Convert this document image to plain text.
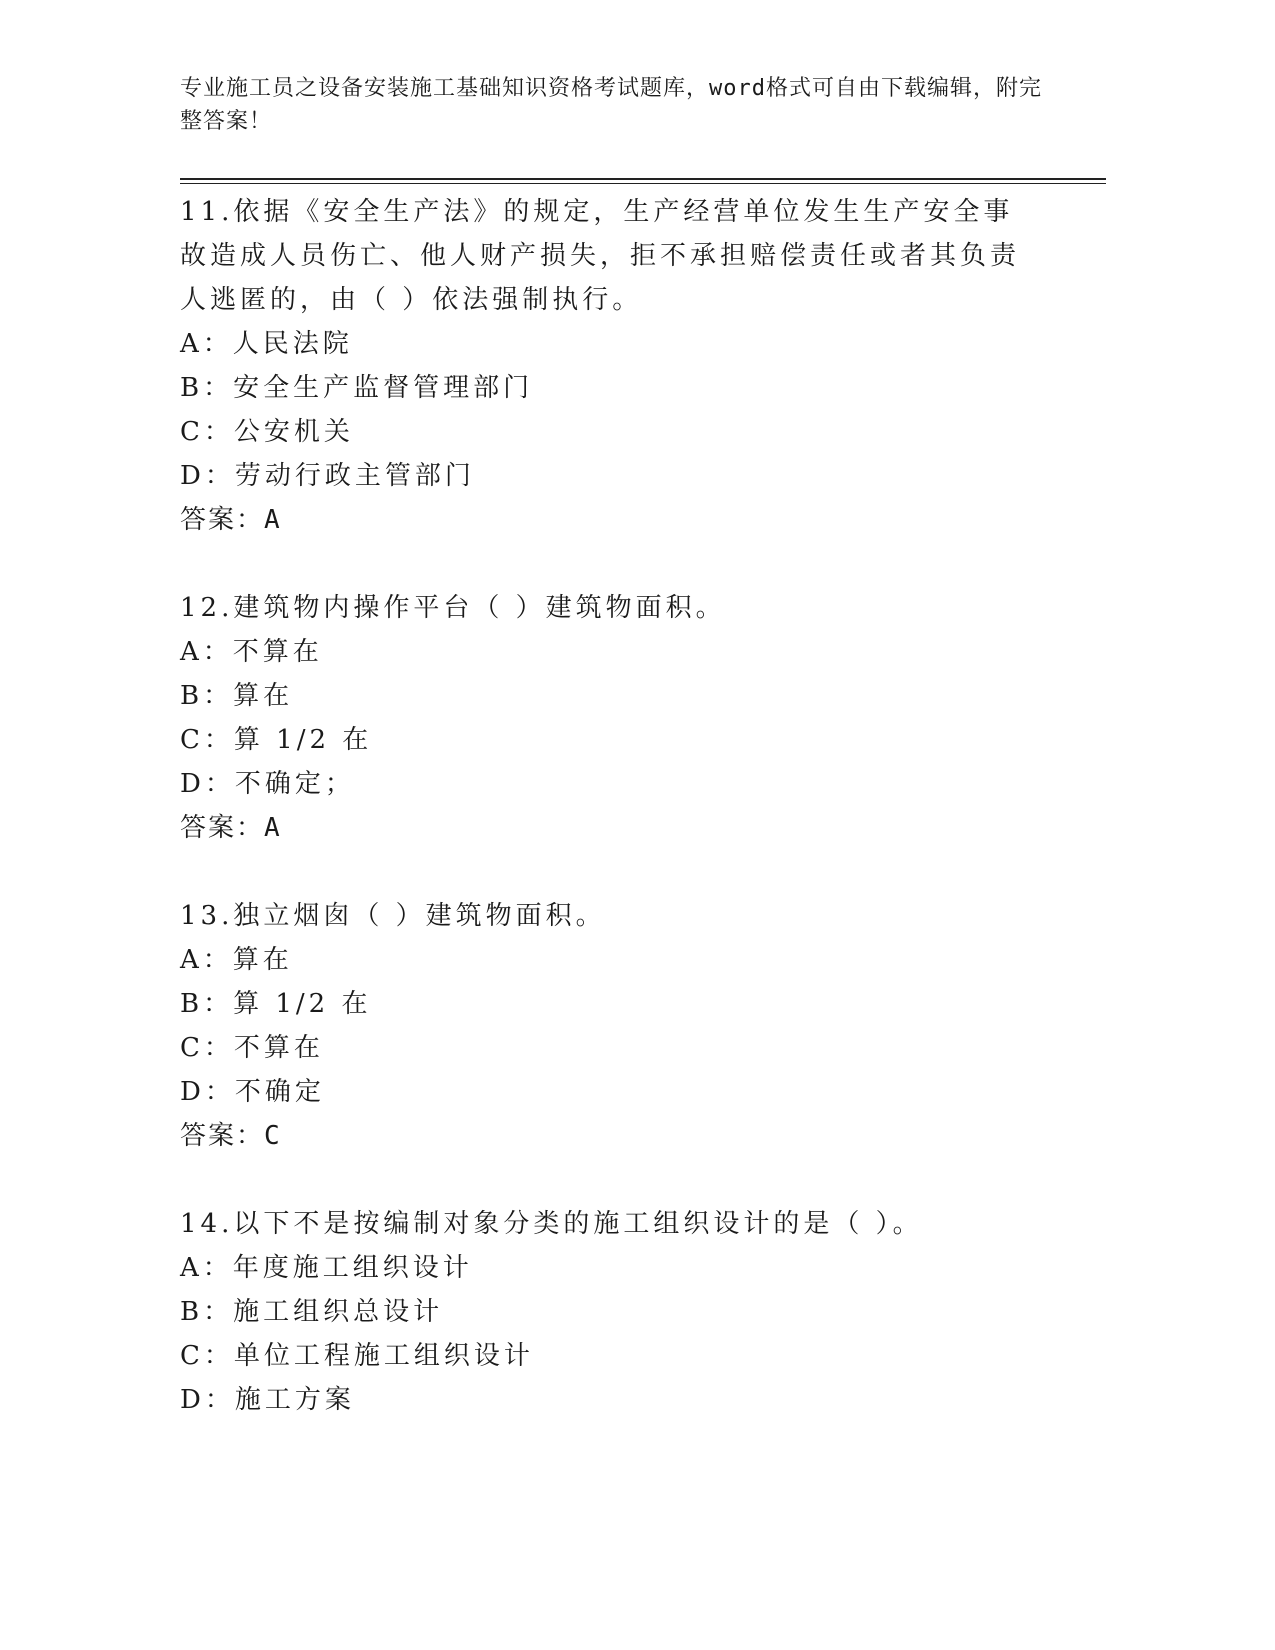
专业施工员之设备安装施工基础知识资格考试题库，word格式可自由下载编辑，附完整答案！
11.依据《安全生产法》的规定，生产经营单位发生生产安全事故造成人员伤亡、他人财产损失，拒不承担赔偿责任或者其负责人逃匿的，由（ ）依法强制执行。
A：人民法院
B：安全生产监督管理部门
C：公安机关
D：劳动行政主管部门
答案：A
12.建筑物内操作平台（ ）建筑物面积。
A：不算在
B：算在
C：算 1/2 在
D：不确定；
答案：A
13.独立烟囱（ ）建筑物面积。
A：算在
B：算 1/2 在
C：不算在
D：不确定
答案：C
14.以下不是按编制对象分类的施工组织设计的是（ ）。
A：年度施工组织设计
B：施工组织总设计
C：单位工程施工组织设计
D：施工方案
